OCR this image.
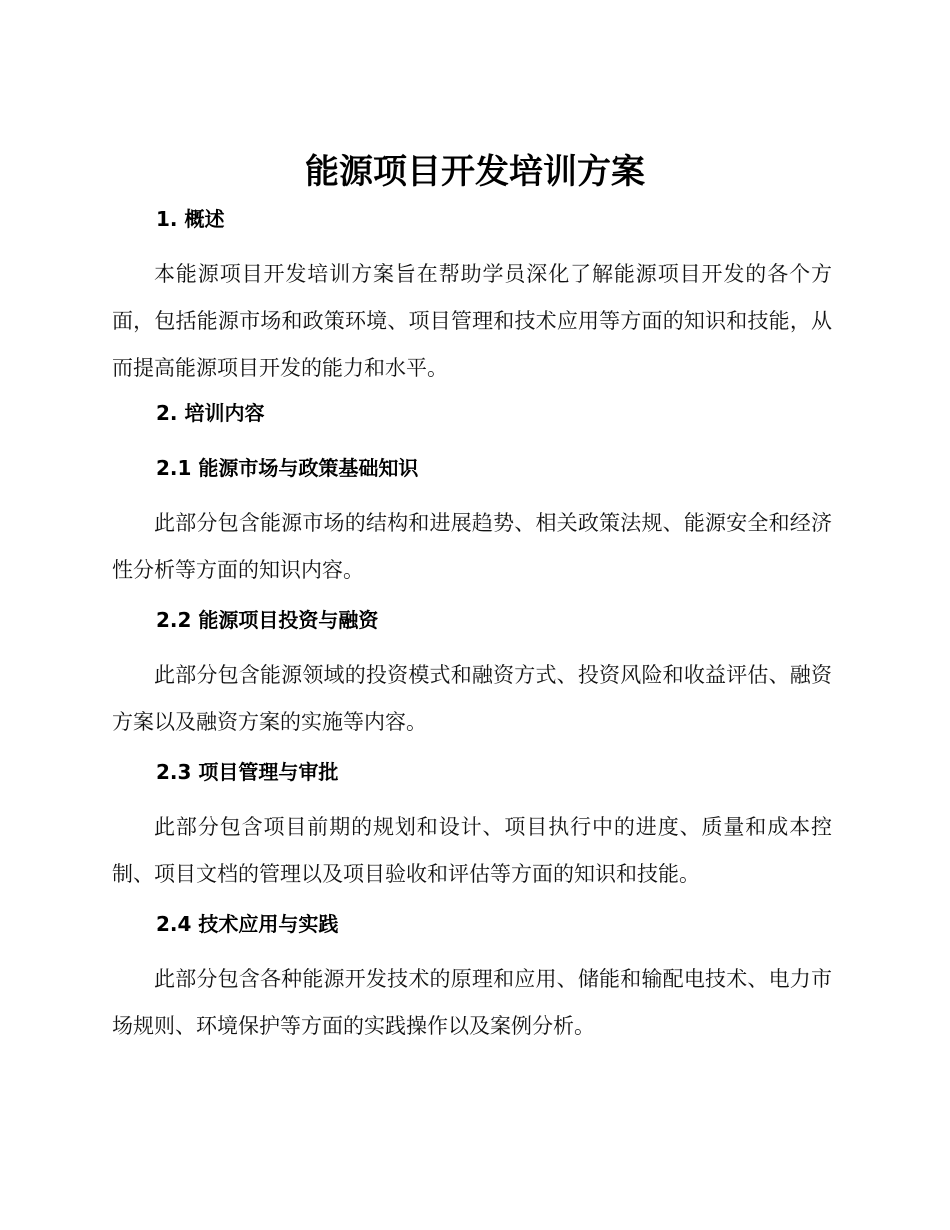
能源项目开发培训方案
1. 概述

本能源项目开发培训方案旨在帮助学员深化了解能源项目开发的各个方面，包括能源市场和政策环境、项目管理和技术应用等方面的知识和技能，从而提高能源项目开发的能力和水平。

2. 培训内容
2.1 能源市场与政策基础知识

此部分包含能源市场的结构和进展趋势、相关政策法规、能源安全和经济性分析等方面的知识内容。

2.2 能源项目投资与融资

此部分包含能源领域的投资模式和融资方式、投资风险和收益评估、融资方案以及融资方案的实施等内容。

2.3 项目管理与审批

此部分包含项目前期的规划和设计、项目执行中的进度、质量和成本控制、项目文档的管理以及项目验收和评估等方面的知识和技能。

2.4 技术应用与实践

此部分包含各种能源开发技术的原理和应用、储能和输配电技术、电力市场规则、环境保护等方面的实践操作以及案例分析。
